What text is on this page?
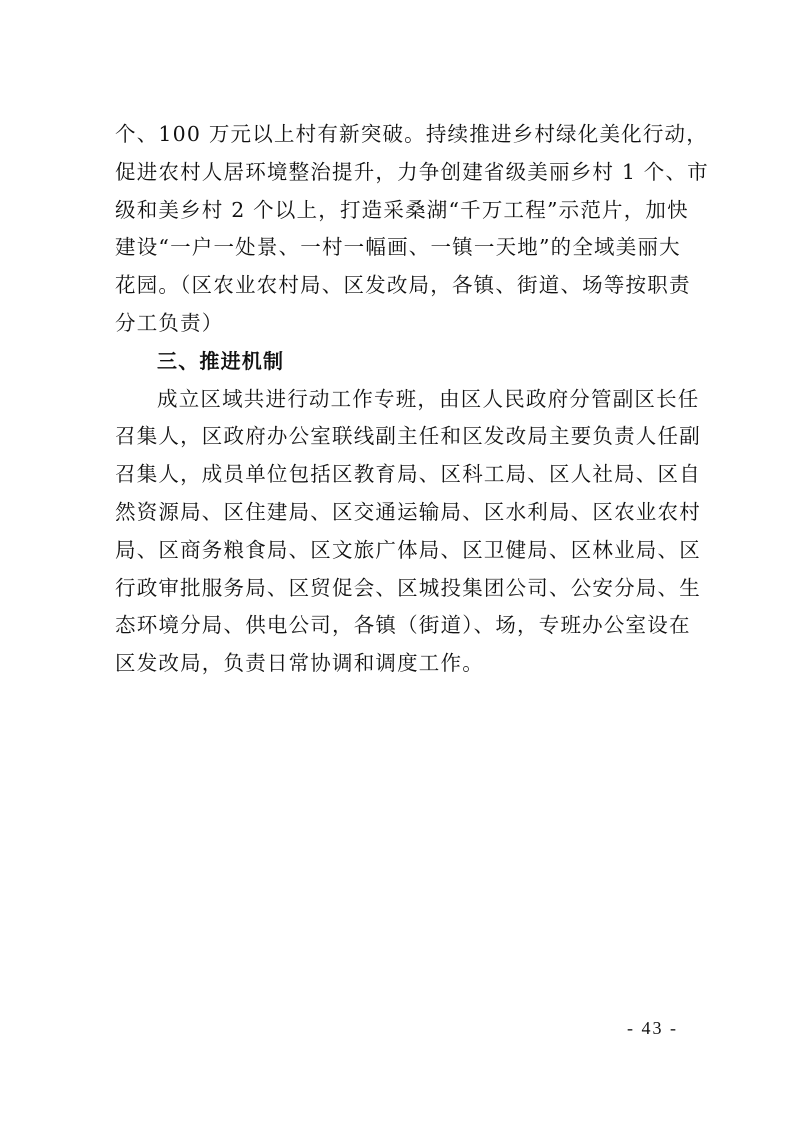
个、100 万元以上村有新突破。持续推进乡村绿化美化行动，
促进农村人居环境整治提升，力争创建省级美丽乡村 1 个、市
级和美乡村 2 个以上，打造采桑湖“千万工程”示范片，加快
建设“一户一处景、一村一幅画、一镇一天地”的全域美丽大
花园。（区农业农村局、区发改局，各镇、街道、场等按职责
分工负责）
三、推进机制
成立区域共进行动工作专班，由区人民政府分管副区长任
召集人，区政府办公室联线副主任和区发改局主要负责人任副
召集人，成员单位包括区教育局、区科工局、区人社局、区自
然资源局、区住建局、区交通运输局、区水利局、区农业农村
局、区商务粮食局、区文旅广体局、区卫健局、区林业局、区
行政审批服务局、区贸促会、区城投集团公司、公安分局、生
态环境分局、供电公司，各镇（街道）、场，专班办公室设在
区发改局，负责日常协调和调度工作。
- 43 -
